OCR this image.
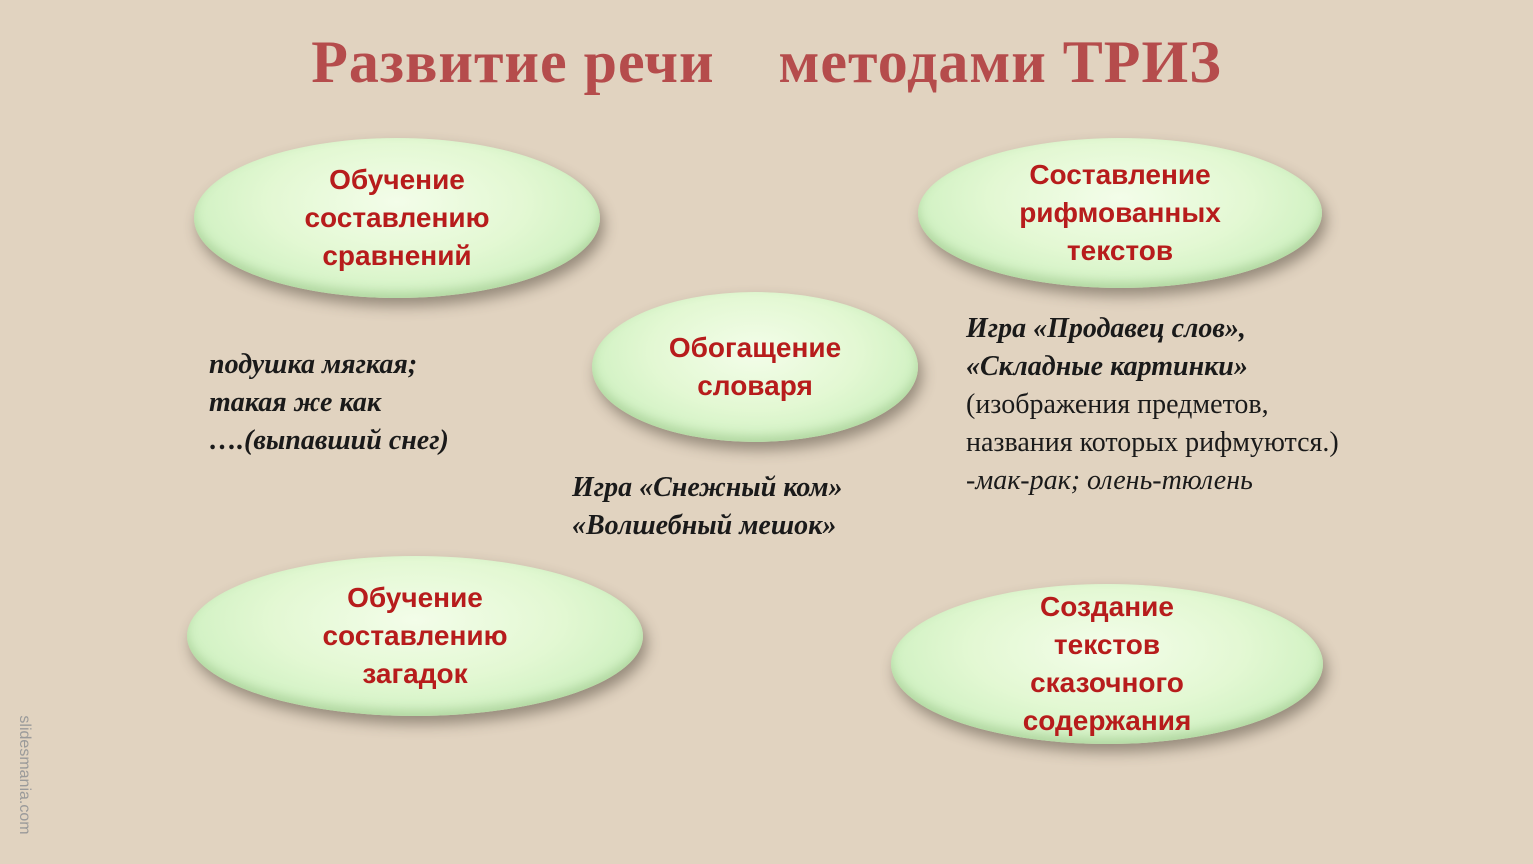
Развитие речи    методами ТРИЗ
Обучение
составлению
сравнений
Составление
рифмованных
текстов
Обогащение
словаря
Обучение
составлению
загадок
Создание
текстов
сказочного
содержания
подушка мягкая;
такая же как
….(выпавший снег)
Игра «Снежный ком»
«Волшебный мешок»
Игра «Продавец слов»,
«Складные картинки»
(изображения предметов,
названия которых рифмуются.)
-мак-рак; олень-тюлень
slidesmania.com
